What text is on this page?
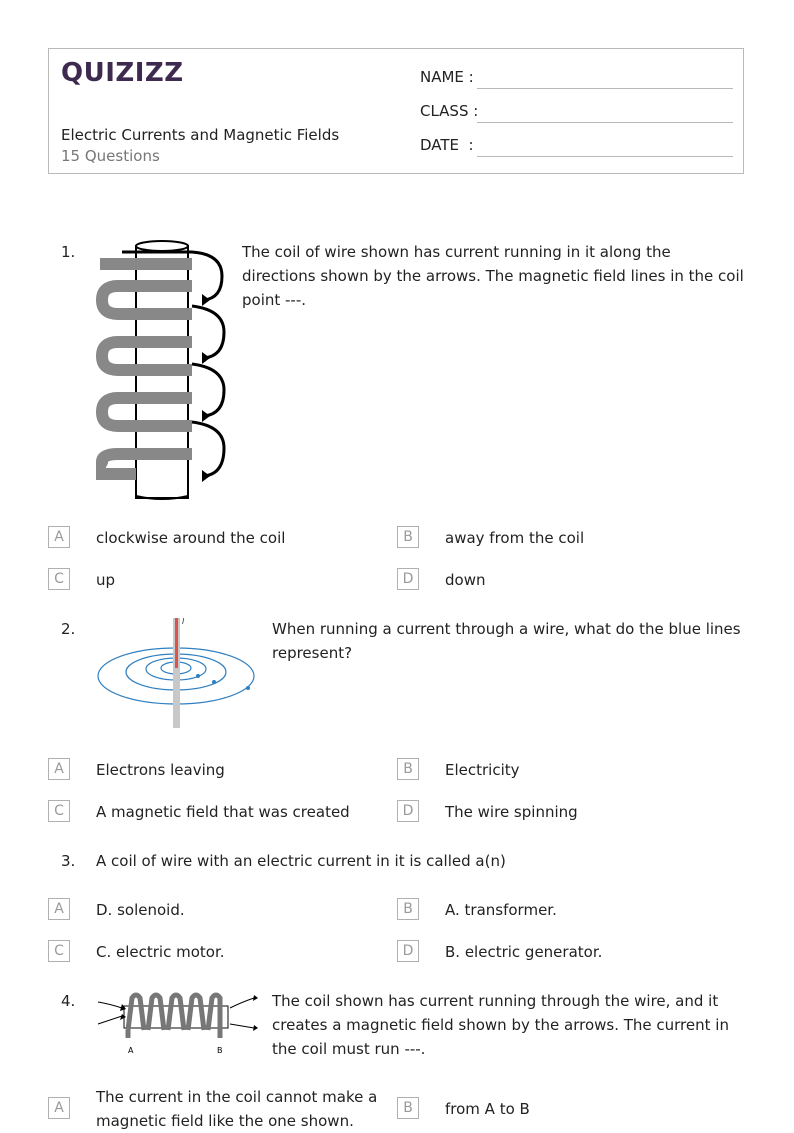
QUIZIZZ
Electric Currents and Magnetic Fields
15 Questions
NAME :
CLASS :
DATE  :
1.	The coil of wire shown has current running in it along the directions shown by the arrows. The magnetic field lines in the coil point ---.
A	clockwise around the coil	B	away from the coil
C	up	D	down
2.	I	When running a current through a wire, what do the blue lines represent?
A	Electrons leaving	B	Electricity
C	A magnetic field that was created	D	The wire spinning
3. A coil of wire with an electric current in it is called a(n)
A	D. solenoid.	B	A. transformer.
C	C. electric motor.	D	B. electric generator.
4.
A	B
The coil shown has current running through the wire, and it creates a magnetic field shown by the arrows. The current in the coil must run ---.
A
The current in the coil cannot make a magnetic field like the one shown.
B	from A to B
